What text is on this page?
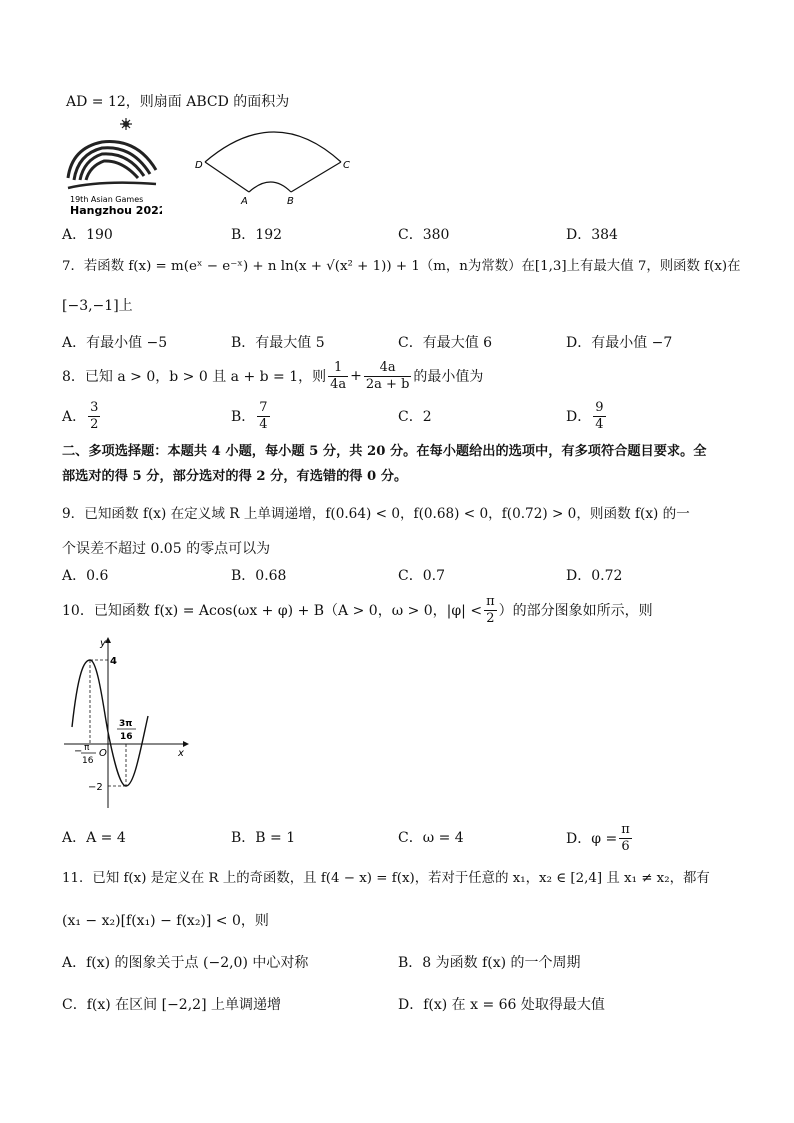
AD = 12，则扇面 ABCD 的面积为
19th Asian Games
Hangzhou 2022
D	C
A	B
A．190	B．192	C．380	D．384
7．若函数 f(x) = m(eˣ − e⁻ˣ) + n ln(x + √(x² + 1)) + 1（m，n为常数）在[1,3]上有最大值 7，则函数 f(x)在
[−3,−1]上
A．有最小值 −5	B．有最大值 5	C．有最大值 6	D．有最小值 −7
8．已知 a > 0，b > 0 且 a + b = 1，则 $\frac{1}{4a} + \frac{4a}{2a + b}$ 的最小值为
A． $\frac{3}{2}$	B． $\frac{7}{4}$	C．2	D． $\frac{9}{4}$
二、多项选择题：本题共 4 小题，每小题 5 分，共 20 分。在每小题给出的选项中，有多项符合题目要求。全
部选对的得 5 分，部分选对的得 2 分，有选错的得 0 分。
9．已知函数 f(x) 在定义域 R 上单调递增，f(0.64) < 0，f(0.68) < 0，f(0.72) > 0，则函数 f(x) 的一
个误差不超过 0.05 的零点可以为
A．0.6	B．0.68	C．0.7	D．0.72
10．已知函数 f(x) = Acos(ωx + φ) + B（A > 0，ω > 0，$|\varphi| < \frac{\pi}{2}$ ）的部分图象如所示，则
y
x
O
4
−2
− π
16
3π
16
A．A = 4	B．B = 1	C．ω = 4	D．$\varphi = \frac{\pi}{6}$
11．已知 f(x) 是定义在 R 上的奇函数，且 f(4 − x) = f(x)，若对于任意的 x₁，x₂ ∈ [2,4] 且 x₁ ≠ x₂，都有
(x₁ − x₂)[f(x₁) − f(x₂)] < 0，则
A．f(x) 的图象关于点 (−2,0) 中心对称	B．8 为函数 f(x) 的一个周期
C．f(x) 在区间 [−2,2] 上单调递增	D．f(x) 在 x = 66 处取得最大值
